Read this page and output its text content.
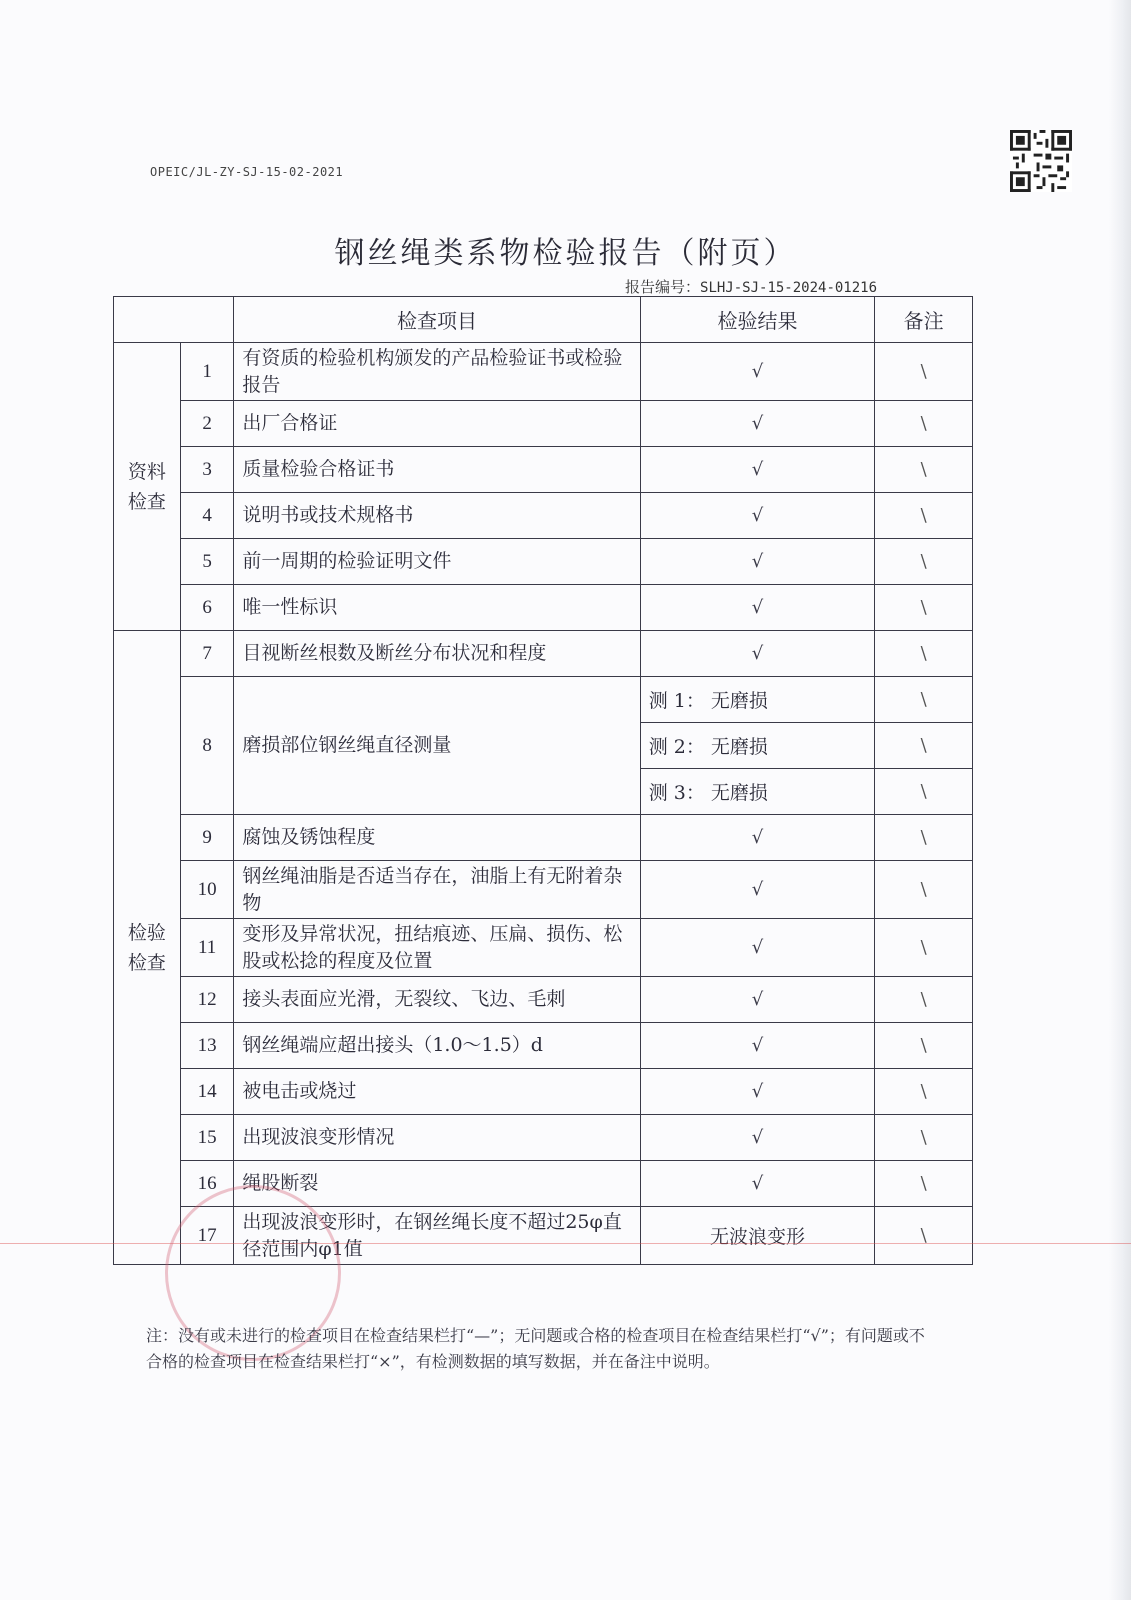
OPEIC/JL-ZY-SJ-15-02-2021
钢丝绳类系物检验报告（附页）
报告编号：SLHJ-SJ-15-2024-01216
		检查项目	检验结果	备注
资料
检查	1	有资质的检验机构颁发的产品检验证书或检验报告	√	\
	2	出厂合格证	√	\
	3	质量检验合格证书	√	\
	4	说明书或技术规格书	√	\
	5	前一周期的检验证明文件	√	\
	6	唯一性标识	√	\
检验
检查	7	目视断丝根数及断丝分布状况和程度	√	\
	8	磨损部位钢丝绳直径测量	测 1： 无磨损	\
			测 2： 无磨损	\
			测 3： 无磨损	\
	9	腐蚀及锈蚀程度	√	\
	10	钢丝绳油脂是否适当存在，油脂上有无附着杂物	√	\
	11	变形及异常状况，扭结痕迹、压扁、损伤、松股或松捻的程度及位置	√	\
	12	接头表面应光滑，无裂纹、飞边、毛刺	√	\
	13	钢丝绳端应超出接头（1.0～1.5）d	√	\
	14	被电击或烧过	√	\
	15	出现波浪变形情况	√	\
	16	绳股断裂	√	\
	17	出现波浪变形时，在钢丝绳长度不超过25φ直径范围内φ1值	无波浪变形	\
注：没有或未进行的检查项目在检查结果栏打“—”；无问题或合格的检查项目在检查结果栏打“√”；有问题或不合格的检查项目在检查结果栏打“×”，有检测数据的填写数据，并在备注中说明。
